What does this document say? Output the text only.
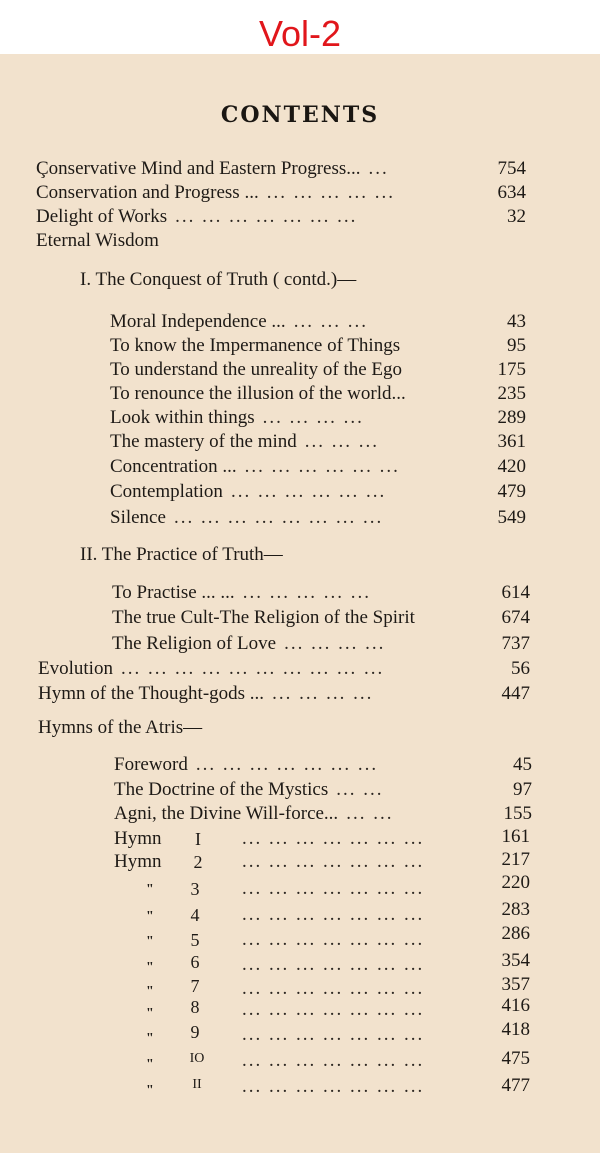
Vol-2
CONTENTS
Çonservative Mind and Eastern Progress... ...	754
Conservation and Progress ... ... ... ... ... ...	634
Delight of Works ... ... ... ... ... ... ...	32
Eternal Wisdom
I. The Conquest of Truth ( contd.)—
Moral Independence ... ... ... ...	43
To know the Impermanence of Things	95
To understand the unreality of the Ego	175
To renounce the illusion of the world...	235
Look within things ... ... ... ...	289
The mastery of the mind ... ... ...	361
Concentration ... ... ... ... ... ... ...	420
Contemplation ... ... ... ... ... ...	479
Silence ... ... ... ... ... ... ... ...	549
II. The Practice of Truth—
To Practise ... ... ... ... ... ... ...	614
The true Cult-The Religion of the Spirit	674
The Religion of Love ... ... ... ...	737
Evolution ... ... ... ... ... ... ... ... ... ...	56
Hymn of the Thought-gods ... ... ... ... ...	447
Hymns of the Atris—
Foreword ... ... ... ... ... ... ...	45
The Doctrine of the Mystics ... ...	97
Agni, the Divine Will-force... ... ...	155
Hymn	I	... ... ... ... ... ... ...	161
Hymn	2	... ... ... ... ... ... ...	217
"	3	... ... ... ... ... ... ...	220
"	4	... ... ... ... ... ... ...	283
"	5	... ... ... ... ... ... ...	286
"	6	... ... ... ... ... ... ...	354
"	7	... ... ... ... ... ... ...	357
"	8	... ... ... ... ... ... ...	416
"	9	... ... ... ... ... ... ...	418
"	IO	... ... ... ... ... ... ...	475
"	II	... ... ... ... ... ... ...	477
